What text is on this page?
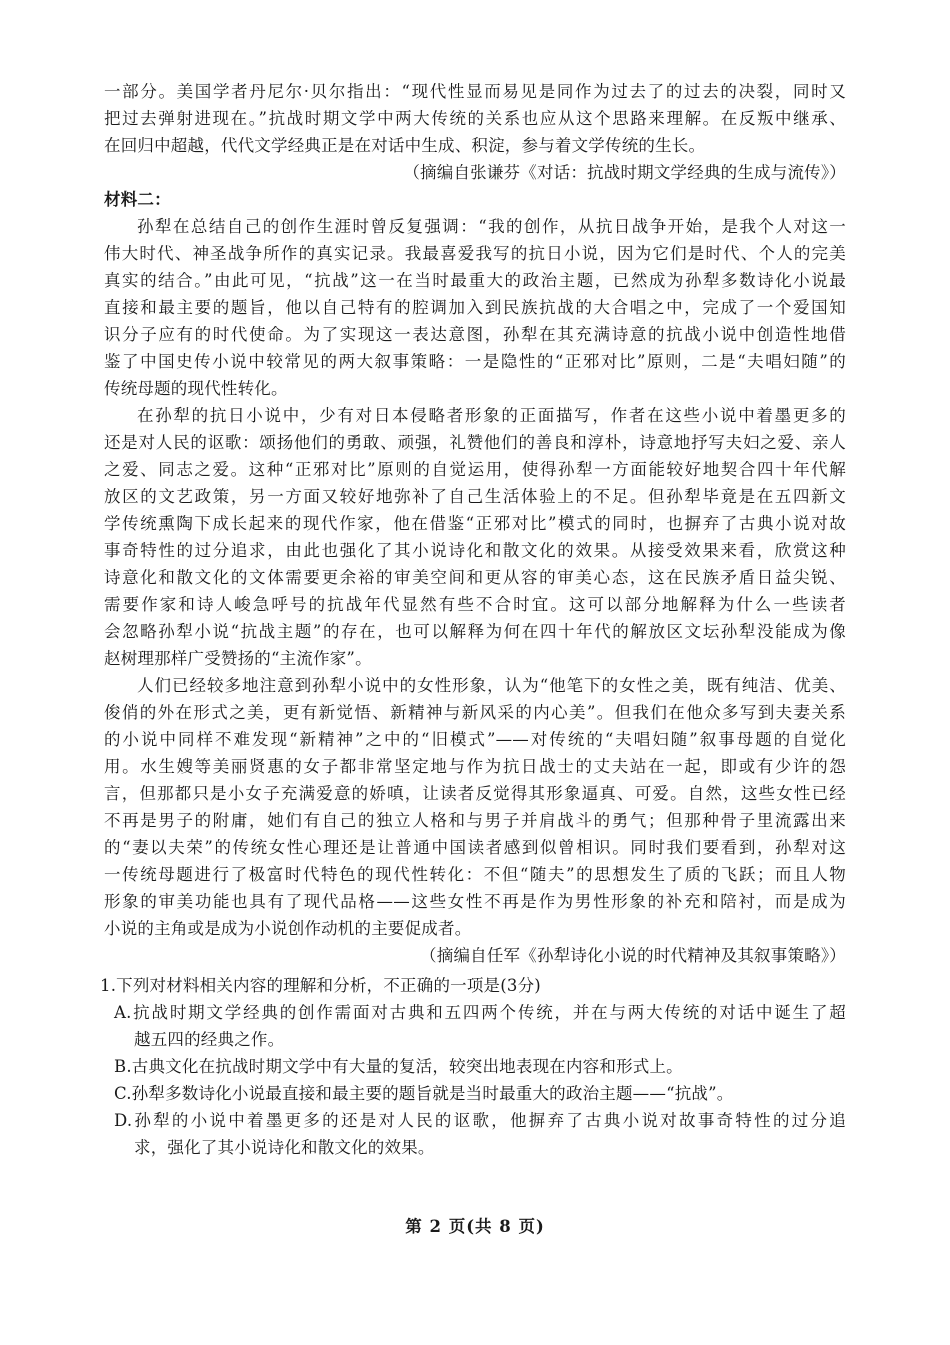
一部分。美国学者丹尼尔·贝尔指出：“现代性显而易见是同作为过去了的过去的决裂，同时又
把过去弹射进现在。”抗战时期文学中两大传统的关系也应从这个思路来理解。在反叛中继承、
在回归中超越，代代文学经典正是在对话中生成、积淀，参与着文学传统的生长。
（摘编自张谦芬《对话：抗战时期文学经典的生成与流传》）
材料二：
孙犁在总结自己的创作生涯时曾反复强调：“我的创作，从抗日战争开始，是我个人对这一
伟大时代、神圣战争所作的真实记录。我最喜爱我写的抗日小说，因为它们是时代、个人的完美
真实的结合。”由此可见，“抗战”这一在当时最重大的政治主题，已然成为孙犁多数诗化小说最
直接和最主要的题旨，他以自己特有的腔调加入到民族抗战的大合唱之中，完成了一个爱国知
识分子应有的时代使命。为了实现这一表达意图，孙犁在其充满诗意的抗战小说中创造性地借
鉴了中国史传小说中较常见的两大叙事策略：一是隐性的“正邪对比”原则，二是“夫唱妇随”的
传统母题的现代性转化。
在孙犁的抗日小说中，少有对日本侵略者形象的正面描写，作者在这些小说中着墨更多的
还是对人民的讴歌：颂扬他们的勇敢、顽强，礼赞他们的善良和淳朴，诗意地抒写夫妇之爱、亲人
之爱、同志之爱。这种“正邪对比”原则的自觉运用，使得孙犁一方面能较好地契合四十年代解
放区的文艺政策，另一方面又较好地弥补了自己生活体验上的不足。但孙犁毕竟是在五四新文
学传统熏陶下成长起来的现代作家，他在借鉴“正邪对比”模式的同时，也摒弃了古典小说对故
事奇特性的过分追求，由此也强化了其小说诗化和散文化的效果。从接受效果来看，欣赏这种
诗意化和散文化的文体需要更余裕的审美空间和更从容的审美心态，这在民族矛盾日益尖锐、
需要作家和诗人峻急呼号的抗战年代显然有些不合时宜。这可以部分地解释为什么一些读者
会忽略孙犁小说“抗战主题”的存在，也可以解释为何在四十年代的解放区文坛孙犁没能成为像
赵树理那样广受赞扬的“主流作家”。
人们已经较多地注意到孙犁小说中的女性形象，认为“他笔下的女性之美，既有纯洁、优美、
俊俏的外在形式之美，更有新觉悟、新精神与新风采的内心美”。但我们在他众多写到夫妻关系
的小说中同样不难发现“新精神”之中的“旧模式”——对传统的“夫唱妇随”叙事母题的自觉化
用。水生嫂等美丽贤惠的女子都非常坚定地与作为抗日战士的丈夫站在一起，即或有少许的怨
言，但那都只是小女子充满爱意的娇嗔，让读者反觉得其形象逼真、可爱。自然，这些女性已经
不再是男子的附庸，她们有自己的独立人格和与男子并肩战斗的勇气；但那种骨子里流露出来
的“妻以夫荣”的传统女性心理还是让普通中国读者感到似曾相识。同时我们要看到，孙犁对这
一传统母题进行了极富时代特色的现代性转化：不但“随夫”的思想发生了质的飞跃；而且人物
形象的审美功能也具有了现代品格——这些女性不再是作为男性形象的补充和陪衬，而是成为
小说的主角或是成为小说创作动机的主要促成者。
（摘编自任军《孙犁诗化小说的时代精神及其叙事策略》）
1.下列对材料相关内容的理解和分析，不正确的一项是(3分)
A.抗战时期文学经典的创作需面对古典和五四两个传统，并在与两大传统的对话中诞生了超
越五四的经典之作。
B.古典文化在抗战时期文学中有大量的复活，较突出地表现在内容和形式上。
C.孙犁多数诗化小说最直接和最主要的题旨就是当时最重大的政治主题——“抗战”。
D.孙犁的小说中着墨更多的还是对人民的讴歌，他摒弃了古典小说对故事奇特性的过分追
求，强化了其小说诗化和散文化的效果。
第 2 页(共 8 页)
